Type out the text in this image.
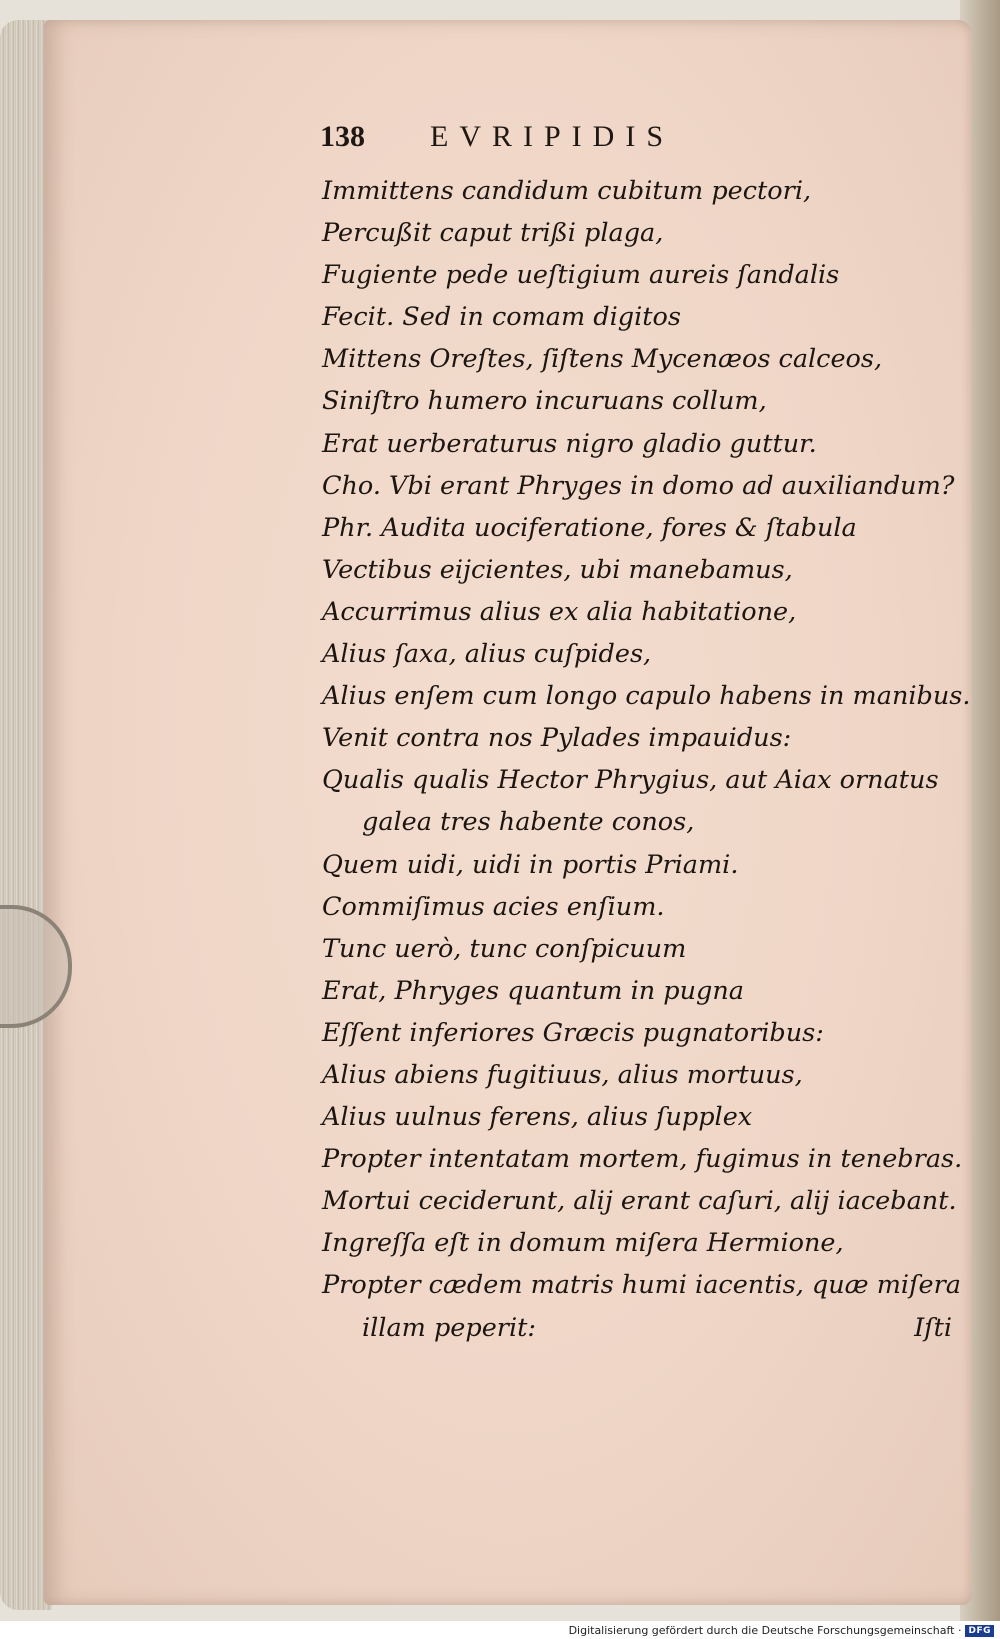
138 EVRIPIDIS
Immittens candidum cubitum pectori,
Percußit caput trißi plaga,
Fugiente pede ueſtigium aureis ſandalis
Fecit. Sed in comam digitos
Mittens Oreſtes, ſiſtens Mycenæos calceos,
Siniſtro humero incuruans collum,
Erat uerberaturus nigro gladio guttur.
Cho. Vbi erant Phryges in domo ad auxiliandum?
Phr. Audita uociferatione, fores & ſtabula
Vectibus eijcientes, ubi manebamus,
Accurrimus alius ex alia habitatione,
Alius ſaxa, alius cuſpides,
Alius enſem cum longo capulo habens in manibus.
Venit contra nos Pylades impauidus:
Qualis qualis Hector Phrygius, aut Aiax ornatus
galea tres habente conos,
Quem uidi, uidi in portis Priami.
Commiſimus acies enſium.
Tunc uerò, tunc conſpicuum
Erat, Phryges quantum in pugna
Eſſent inferiores Græcis pugnatoribus:
Alius abiens fugitiuus, alius mortuus,
Alius uulnus ferens, alius ſupplex
Propter intentatam mortem, fugimus in tenebras.
Mortui ceciderunt, alij erant caſuri, alij iacebant.
Ingreſſa eſt in domum miſera Hermione,
Propter cædem matris humi iacentis, quæ miſera
illam peperit:	Iſti
Digitalisierung gefördert durch die Deutsche Forschungsgemeinschaft · DFG
